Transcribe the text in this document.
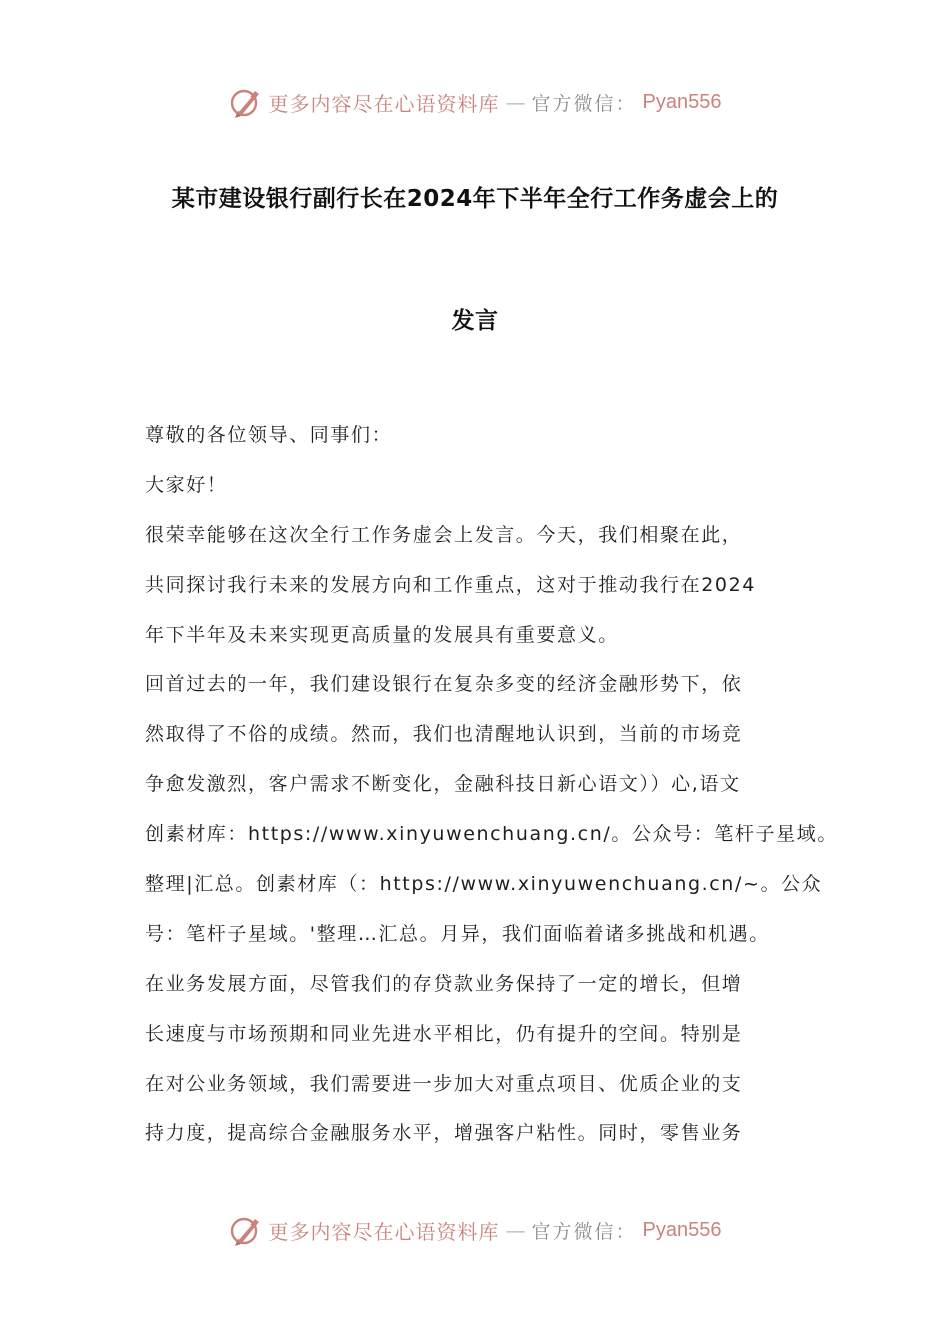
更多内容尽在心语资料库 — 官方微信： Pyan556
某市建设银行副行长在2024年下半年全行工作务虚会上的
发言
尊敬的各位领导、同事们：
大家好！
很荣幸能够在这次全行工作务虚会上发言。今天，我们相聚在此，
共同探讨我行未来的发展方向和工作重点，这对于推动我行在2024
年下半年及未来实现更高质量的发展具有重要意义。
回首过去的一年，我们建设银行在复杂多变的经济金融形势下，依
然取得了不俗的成绩。然而，我们也清醒地认识到，当前的市场竞
争愈发激烈，客户需求不断变化，金融科技日新心语文））心,语文
创素材库：https://www.xinyuwenchuang.cn/。公众号：笔杆子星域。
整理|汇总。创素材库（：https://www.xinyuwenchuang.cn/~。公众
号：笔杆子星域。'整理…汇总。月异，我们面临着诸多挑战和机遇。
在业务发展方面，尽管我们的存贷款业务保持了一定的增长，但增
长速度与市场预期和同业先进水平相比，仍有提升的空间。特别是
在对公业务领域，我们需要进一步加大对重点项目、优质企业的支
持力度，提高综合金融服务水平，增强客户粘性。同时，零售业务
更多内容尽在心语资料库 — 官方微信： Pyan556
